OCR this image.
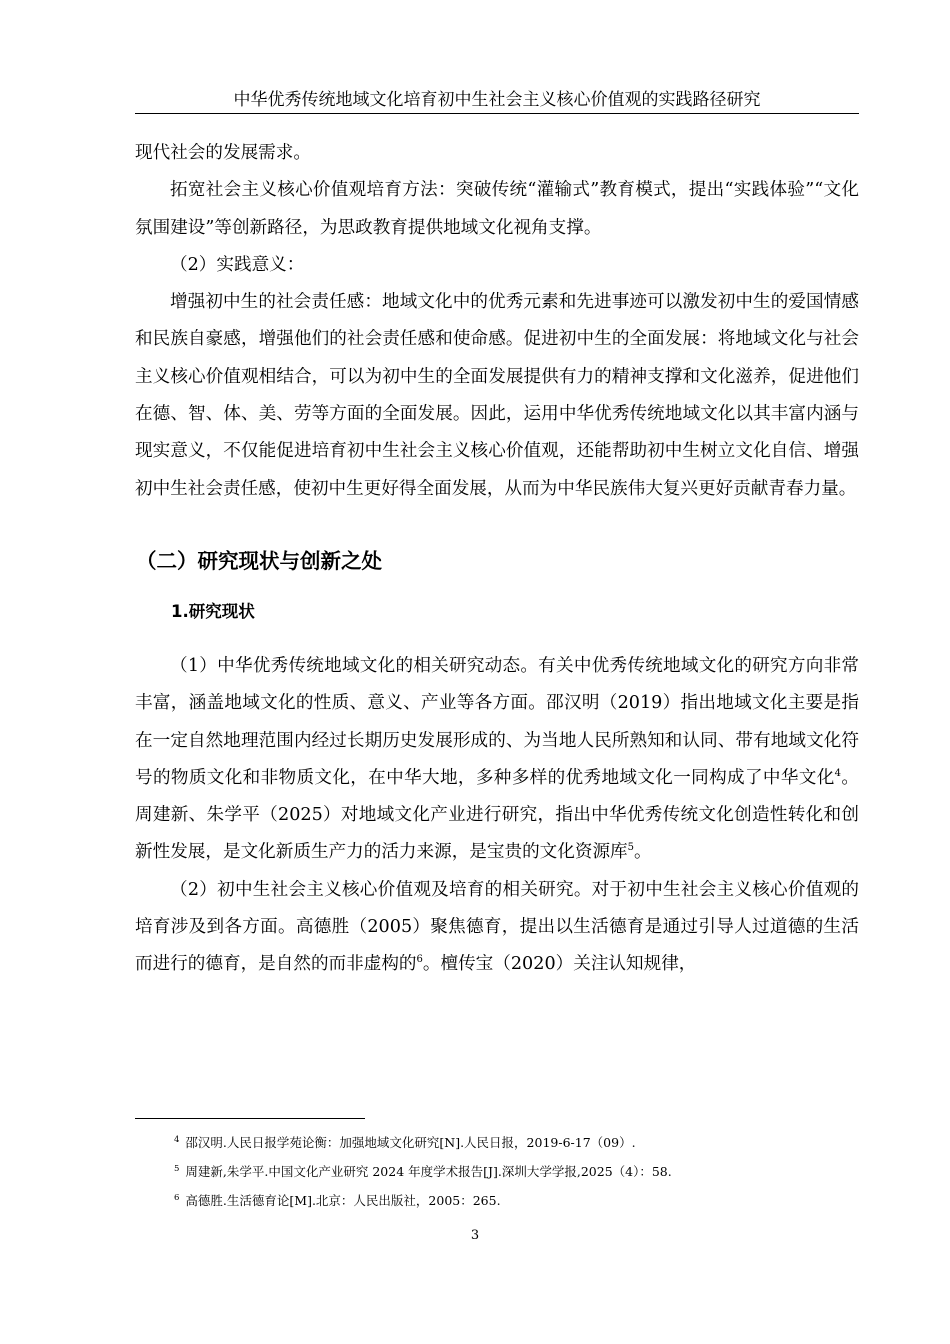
中华优秀传统地域文化培育初中生社会主义核心价值观的实践路径研究

现代社会的发展需求。

拓宽社会主义核心价值观培育方法：突破传统“灌输式”教育模式，提出“实践体验”“文化氛围建设”等创新路径，为思政教育提供地域文化视角支撑。

（2）实践意义：

增强初中生的社会责任感：地域文化中的优秀元素和先进事迹可以激发初中生的爱国情感和民族自豪感，增强他们的社会责任感和使命感。促进初中生的全面发展：将地域文化与社会主义核心价值观相结合，可以为初中生的全面发展提供有力的精神支撑和文化滋养，促进他们在德、智、体、美、劳等方面的全面发展。因此，运用中华优秀传统地域文化以其丰富内涵与现实意义，不仅能促进培育初中生社会主义核心价值观，还能帮助初中生树立文化自信、增强初中生社会责任感，使初中生更好得全面发展，从而为中华民族伟大复兴更好贡献青春力量。

（二）研究现状与创新之处
1.研究现状

（1）中华优秀传统地域文化的相关研究动态。有关中优秀传统地域文化的研究方向非常丰富，涵盖地域文化的性质、意义、产业等各方面。邵汉明（2019）指出地域文化主要是指在一定自然地理范围内经过长期历史发展形成的、为当地人民所熟知和认同、带有地域文化符号的物质文化和非物质文化，在中华大地，多种多样的优秀地域文化一同构成了中华文化$^4$。周建新、朱学平（2025）对地域文化产业进行研究，指出中华优秀传统文化创造性转化和创新性发展，是文化新质生产力的活力来源，是宝贵的文化资源库$^5$。

（2）初中生社会主义核心价值观及培育的相关研究。对于初中生社会主义核心价值观的培育涉及到各方面。高德胜（2005）聚焦德育，提出以生活德育是通过引导人过道德的生活而进行的德育，是自然的而非虚构的$^6$。檀传宝（2020）关注认知规律，

$^4$ 邵汉明.人民日报学苑论衡：加强地域文化研究[N].人民日报，2019-6-17（09）.
$^5$ 周建新,朱学平.中国文化产业研究 2024 年度学术报告[J].深圳大学学报,2025（4）：58.
$^6$ 高德胜.生活德育论[M].北京：人民出版社，2005：265.
3
